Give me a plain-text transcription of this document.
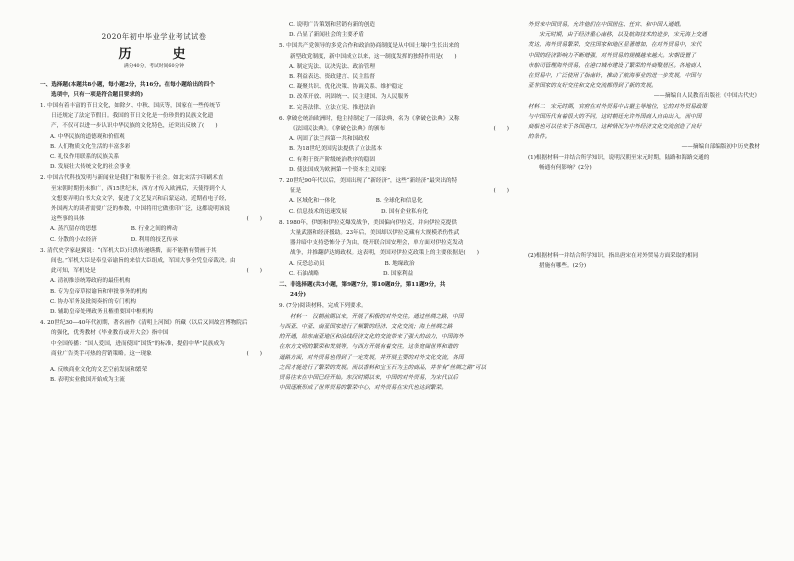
2020年初中毕业学业考试试卷

历　史

满分40分，考试时间60分钟

一、选择题(本题共8小题，每小题2分，共16分。在每小题给出的四个

选项中，只有一项是符合题目要求的)

1. 中国有着丰富的节日文化，如除夕、中秋、国庆等，国家在一些传统节

日还规定了法定节假日。我国的节日文化是一份珍贵的民族文化遗

产，不仅可以进一步认识中华民族的文化特色，还突出反映了(　　)

A. 中华民族的道德观和价值观

B. 人们物质文化生活的丰富多彩

C. 礼仪作用联系的民族关系

D. 发展壮大传统文化的社会事业

2. 中国古代科技发明与新闻业是我们“和服务于社会。如北宋活字印刷术直

至宋朝时期仍未推广，西15世纪末，西方才传入欧洲后，天使得到个人

文想要弄明白书大众文学，促进了文艺复兴和启蒙运动，近期看电子经，

外国两大的读者需要广泛的参数，中国将用它做重印广泛，这都说明该说

这些事的具体	(　　)

A. 蒸汽留存的思想	B. 行业之间的辨动

C. 分散的小农经济	D. 利用的技艺传承

3. 清代史学家赵翼说：“(军机大臣)只供传递缮撰，而不能稍有赞画于其

间也。”军机大臣是奉皇帝谕旨的来信大臣组成，军国大事全凭皇帝裁决。由

此可知，军机处是	(　　)

A. 清初推崇统筹政府的最佳机构

B. 专为皇帝草拟谕旨和审批事务的机构

C. 协办军务及批阅奏折的专门机构

D. 辅助皇帝处理政务且権重要国中枢机构

4. 20世纪30—40年代初期，著名画作《清明上河图》所藏（以后又回故宫博物院后

的强化，优秀教材《毕业教育或开大会》指中国

中全国传播：“国人爱国，进而使国“国货”的标准，提倡中华”民族成为

商业广告类手可热的营销策略。这一现象	(　　)

A. 反映商业文化的文艺空前发展和繁荣

B. 表明实业救国开始成为主流

C. 说明广告策划和营销有新的创造

D. 凸显了新闻社会的主要矛盾

5. 中国共产党领导的多党合作和政治协商制度是从中国土壤中生长出来的

新型政党制度，新中国成立以来，这一制度发挥的独特作用是(　　)

A. 制定宪法、议决宪法、政治管理

B. 利益表达、资政建言、民主监督

C. 凝聚共识、优化决策、协调关系、维护稳定

D. 改革开放、巩固统一、民主建国、为人民服务

E. 完善法律、立法立宪、推进法治

6. 拿破仑统治欧洲时，他主持制定了一部法典，名为《拿破仑法典》又称

《法国民法典》。《拿破仑法典》的颁布	(　　)

A. 巩固了法兰西第一共和国政权

B. 为18世纪美国宪法提供了立法蓝本

C. 有利于资产阶级统治秩序的稳固

D. 使法国成为欧洲第一个资本主义国家

7. 20世纪90年代以后，美国出现了“新经济”，这些“新经济”最突出的特

征是	(　　)

A. 区域化和一体化	B. 全球化和信息化

C. 信息技术的迅速发展	D. 国有企业私有化

8. 1980年，伊朗和伊拉克爆发战争，美国偏向伊拉克，并向伊拉克提供

大量武器和经济援助。23年后，美国却以伊拉克藏有大规模杀伤性武

器并暗中支持恐怖分子为由，绕开联合国安理会，单方面对伊拉克发动

战争，并推翻萨达姆政权。这表明，美国对伊拉克政策上的主要依据是(　　)

A. 反恐总动员	B. 地缘政治

C. 石油战略	D. 国家利益

二、非选择题(共3小题，第9题7分，第10题8分，第11题9分，共

24分)

9. (7分)阅读材料，完成下列要求。

材料一　汉朝前期以来，开展了积极的对外交往。通过丝绸之路，中国

与西亚、中亚、南亚国家进行了频繁的经济、文化交流；海上丝绸之路

的开通，给东南亚地区和沿线经济文化的交流带来了强大的动力，中国海外

在东方文明的繁荣和发展等，与西方开展有着交往，这条宽阔世界和谐的

道路方面，对外贸易也得到了一定发展，并开展主要的对外文化交流，各国

之间才能进行了繁荣的发展。而以香料和宝玉石为主的商品，并非有“丝绸之路”可以

贸易往来在中国已经开始。东汉时期以来，中国的对外贸易，为宋代以后

中国逐渐形成了世界贸易的繁荣中心，对外贸易在宋代也达到繁荣。

外贸来中国贸易，允许他们在中国居住、任官、和中国人通婚。

宋元时期，由于经济重心南移，以及航海技术的进步，宋元海上交通

发达，海外贸易繁荣，交往国家和地区显著增加，在对外贸易中，宋代

中国的经济影响力不断增强，对外贸易的规模越来越大。宋朝设置了

市舶司管理海外贸易，在港口城市建设了繁荣的外商聚居区。各地商人

在贸易中，广泛使用了指南针，推动了航海事业的进一步发展，中国与

亚非国家的友好交往和文化交流都得到了新的发展。

——摘编自人民教育出版社《中国古代史》

材料二　宋元时期，官府在对外贸易中占据主导地位，它的对外贸易政策

与中国历代有着很大的不同，这时朝廷允许外国商人自由出入，而中国

商船也可以往来于各国港口，这种情况为中外经济文化交流创造了良好

的条件。

——摘编自部编版初中历史教材

(1)根据材料一并结合所学知识，说明汉朝至宋元时期，陆路和海路交通的

畅通有何影响？(2分)

(2)根据材料一并结合所学知识，指出唐宋在对外贸易方面采取的相同

措施有哪些。(2分)
